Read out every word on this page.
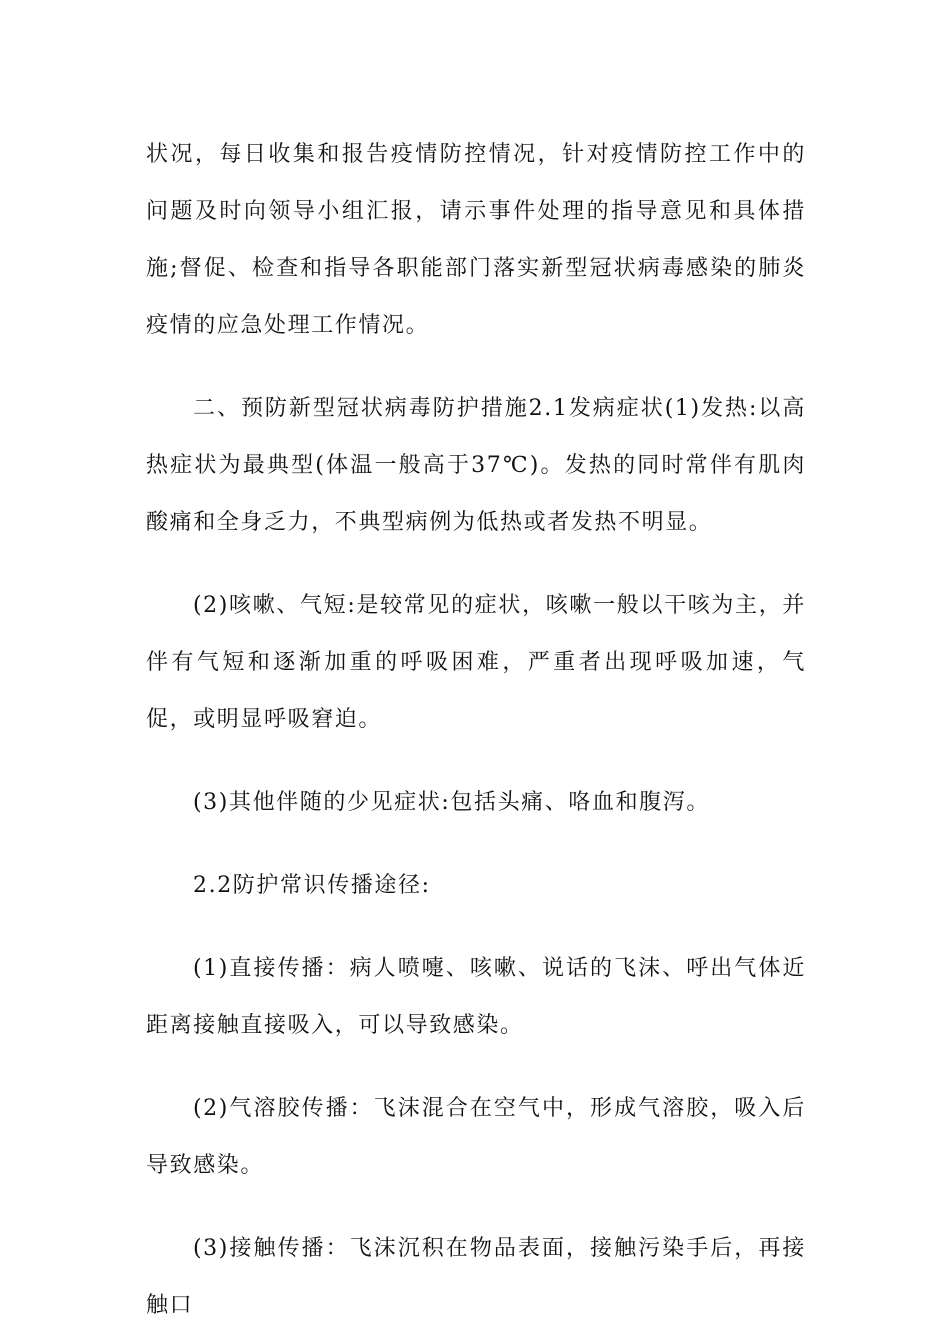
状况，每日收集和报告疫情防控情况，针对疫情防控工作中的问题及时向领导小组汇报，请示事件处理的指导意见和具体措施;督促、检查和指导各职能部门落实新型冠状病毒感染的肺炎疫情的应急处理工作情况。

二、预防新型冠状病毒防护措施2.1发病症状(1)发热:以高热症状为最典型(体温一般高于37℃)。发热的同时常伴有肌肉酸痛和全身乏力，不典型病例为低热或者发热不明显。

(2)咳嗽、气短:是较常见的症状，咳嗽一般以干咳为主，并伴有气短和逐渐加重的呼吸困难，严重者出现呼吸加速，气促，或明显呼吸窘迫。

(3)其他伴随的少见症状:包括头痛、咯血和腹泻。

2.2防护常识传播途径:

(1)直接传播：病人喷嚏、咳嗽、说话的飞沫、呼出气体近距离接触直接吸入，可以导致感染。

(2)气溶胶传播：飞沫混合在空气中，形成气溶胶，吸入后导致感染。

(3)接触传播：飞沫沉积在物品表面，接触污染手后，再接触口
